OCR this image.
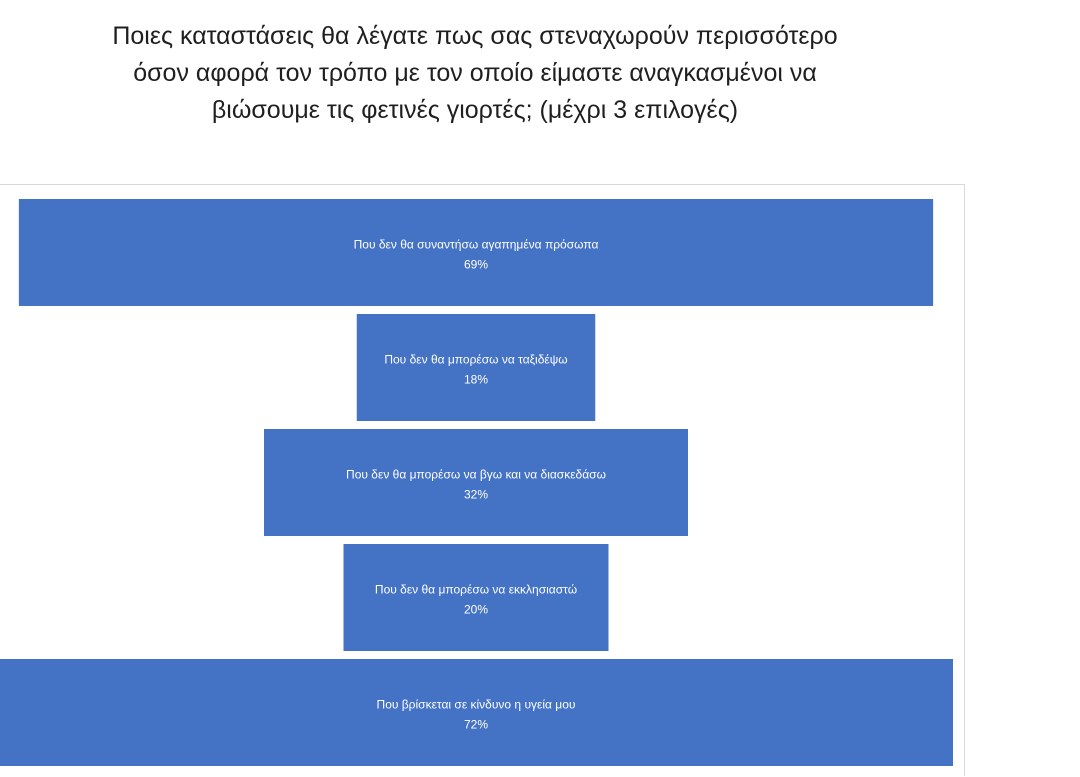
Ποιες καταστάσεις θα λέγατε πως σας στεναχωρούν περισσότερο όσον αφορά τον τρόπο με τον οποίο είμαστε αναγκασμένοι να βιώσουμε τις φετινές γιορτές; (μέχρι 3 επιλογές)
Που δεν θα συναντήσω αγαπημένα πρόσωπα
69%
Που δεν θα μπορέσω να ταξιδέψω
18%
Που δεν θα μπορέσω να βγω και να διασκεδάσω
32%
Που δεν θα μπορέσω να εκκλησιαστώ
20%
Που βρίσκεται σε κίνδυνο η υγεία μου
72%
